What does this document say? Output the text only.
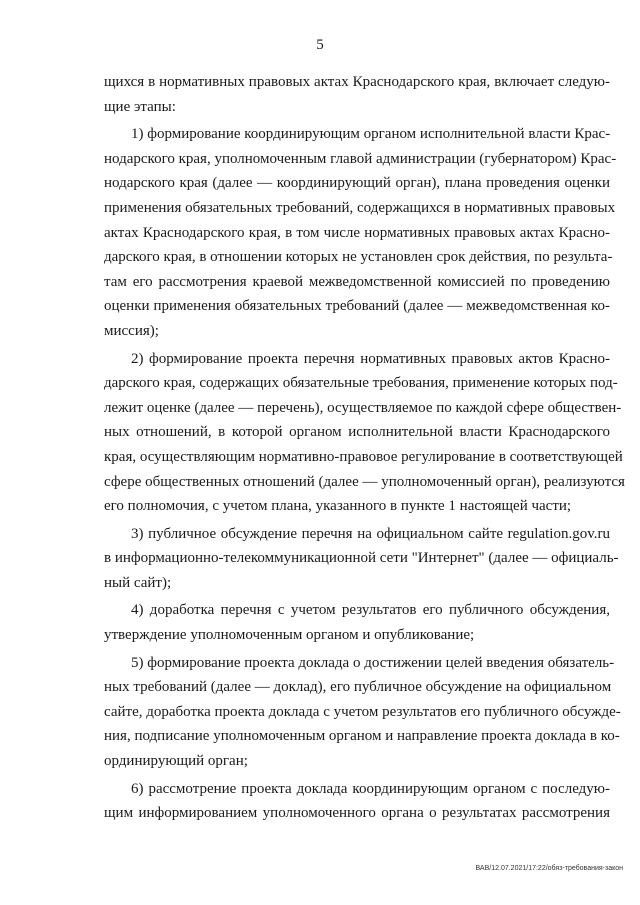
5

щихся в нормативных правовых актах Краснодарского края, включает следую-
щие этапы:

1) формирование координирующим органом исполнительной власти Крас-
нодарского края, уполномоченным главой администрации (губернатором) Крас-
нодарского края (далее — координирующий орган), плана проведения оценки
применения обязательных требований, содержащихся в нормативных правовых
актах Краснодарского края, в том числе нормативных правовых актах Красно-
дарского края, в отношении которых не установлен срок действия, по результа-
там его рассмотрения краевой межведомственной комиссией по проведению
оценки применения обязательных требований (далее — межведомственная ко-
миссия);

2) формирование проекта перечня нормативных правовых актов Красно-
дарского края, содержащих обязательные требования, применение которых под-
лежит оценке (далее — перечень), осуществляемое по каждой сфере обществен-
ных отношений, в которой органом исполнительной власти Краснодарского
края, осуществляющим нормативно-правовое регулирование в соответствующей
сфере общественных отношений (далее — уполномоченный орган), реализуются
его полномочия, с учетом плана, указанного в пункте 1 настоящей части;

3) публичное обсуждение перечня на официальном сайте regulation.gov.ru
в информационно-телекоммуникационной сети "Интернет" (далее — официаль-
ный сайт);

4) доработка перечня с учетом результатов его публичного обсуждения,
утверждение уполномоченным органом и опубликование;

5) формирование проекта доклада о достижении целей введения обязатель-
ных требований (далее — доклад), его публичное обсуждение на официальном
сайте, доработка проекта доклада с учетом результатов его публичного обсужде-
ния, подписание уполномоченным органом и направление проекта доклада в ко-
ординирующий орган;

6) рассмотрение проекта доклада координирующим органом с последую-
щим информированием уполномоченного органа о результатах рассмотрения

ВАВ/12.07.2021/17:22/обяз-требования-закон
